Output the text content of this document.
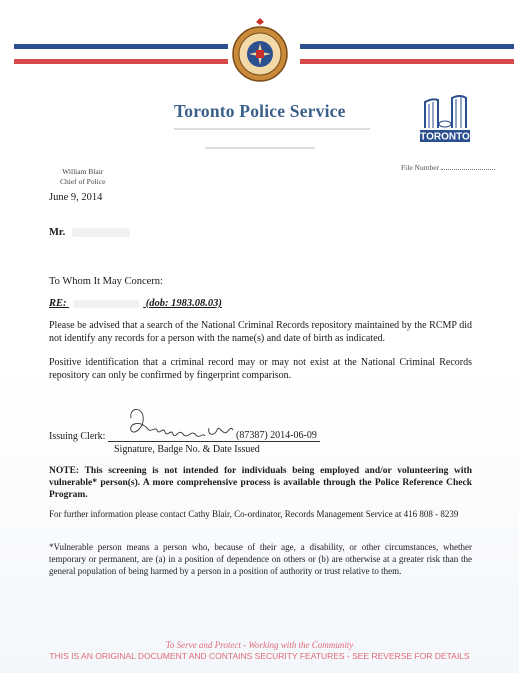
Toronto Police Service
TORONTO
File Number
William Blair
Chief of Police
June 9, 2014
Mr.
To Whom It May Concern:
RE:	(dob: 1983.08.03)
Please be advised that a search of the National Criminal Records repository maintained by the RCMP did not identify any records for a person with the name(s) and date of birth as indicated.
Positive identification that a criminal record may or may not exist at the National Criminal Records repository can only be confirmed by fingerprint comparison.
Issuing Clerk:	(87387) 2014-06-09
Signature, Badge No. & Date Issued
NOTE: This screening is not intended for individuals being employed and/or volunteering with vulnerable* person(s). A more comprehensive process is available through the Police Reference Check Program.
For further information please contact Cathy Blair, Co-ordinator, Records Management Service at 416 808 - 8239
*Vulnerable person means a person who, because of their age, a disability, or other circumstances, whether temporary or permanent, are (a) in a position of dependence on others or (b) are otherwise at a greater risk than the general population of being harmed by a person in a position of authority or trust relative to them.
To Serve and Protect - Working with the Community
THIS IS AN ORIGINAL DOCUMENT AND CONTAINS SECURITY FEATURES - SEE REVERSE FOR DETAILS
